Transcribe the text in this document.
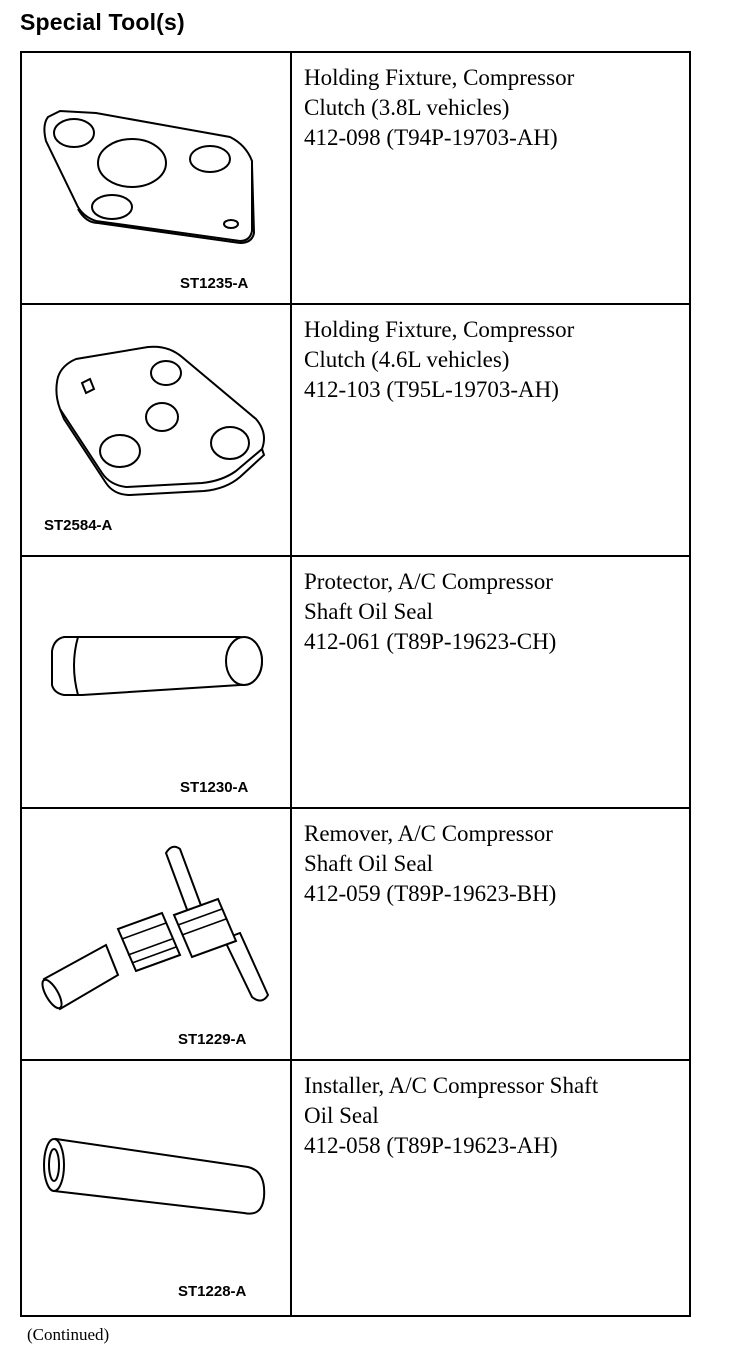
Special Tool(s)
ST1235-A
Holding Fixture, Compressor
Clutch (3.8L vehicles)
412-098 (T94P-19703-AH)
ST2584-A
Holding Fixture, Compressor
Clutch (4.6L vehicles)
412-103 (T95L-19703-AH)
ST1230-A
Protector, A/C Compressor
Shaft Oil Seal
412-061 (T89P-19623-CH)
ST1229-A
Remover, A/C Compressor
Shaft Oil Seal
412-059 (T89P-19623-BH)
ST1228-A
Installer, A/C Compressor Shaft
Oil Seal
412-058 (T89P-19623-AH)
(Continued)
